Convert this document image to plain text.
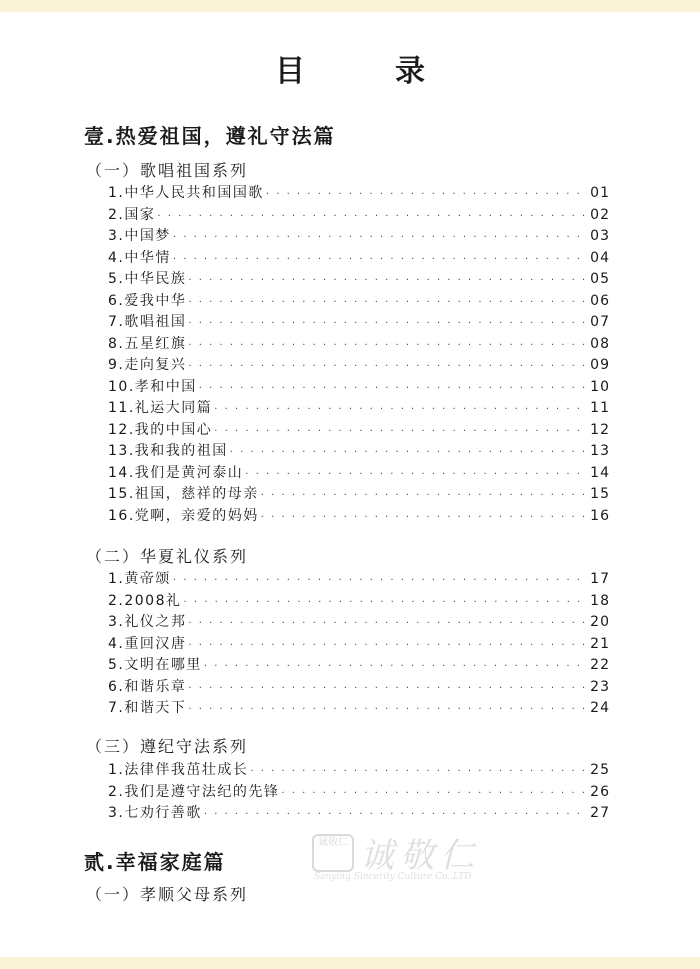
目　录
壹.热爱祖国，遵礼守法篇
（一）歌唱祖国系列
1.中华人民共和国国歌 · · ·	01
2.国家 · · ·	02
3.中国梦 · · ·	03
4.中华情 · · ·	04
5.中华民族 · · ·	05
6.爱我中华 · · ·	06
7.歌唱祖国 · · ·	07
8.五星红旗 · · ·	08
9.走向复兴 · · ·	09
10.孝和中国 · · ·	10
11.礼运大同篇 · · ·	11
12.我的中国心 · · ·	12
13.我和我的祖国 · · ·	13
14.我们是黄河泰山 · · ·	14
15.祖国，慈祥的母亲 · · ·	15
16.党啊，亲爱的妈妈 · · ·	16
（二）华夏礼仪系列
1.黄帝颂 · · ·	17
2.2008礼 · · ·	18
3.礼仪之邦 · · ·	20
4.重回汉唐 · · ·	21
5.文明在哪里 · · ·	22
6.和谐乐章 · · ·	23
7.和谐天下 · · ·	24
（三）遵纪守法系列
1.法律伴我茁壮成长 · · ·	25
2.我们是遵守法纪的先锋 · · ·	26
3.七劝行善歌 · · ·	27
贰.幸福家庭篇
（一）孝顺父母系列
诚敬仁 诚敬仁
Sanying Sincerity Culture Co.,LTD
